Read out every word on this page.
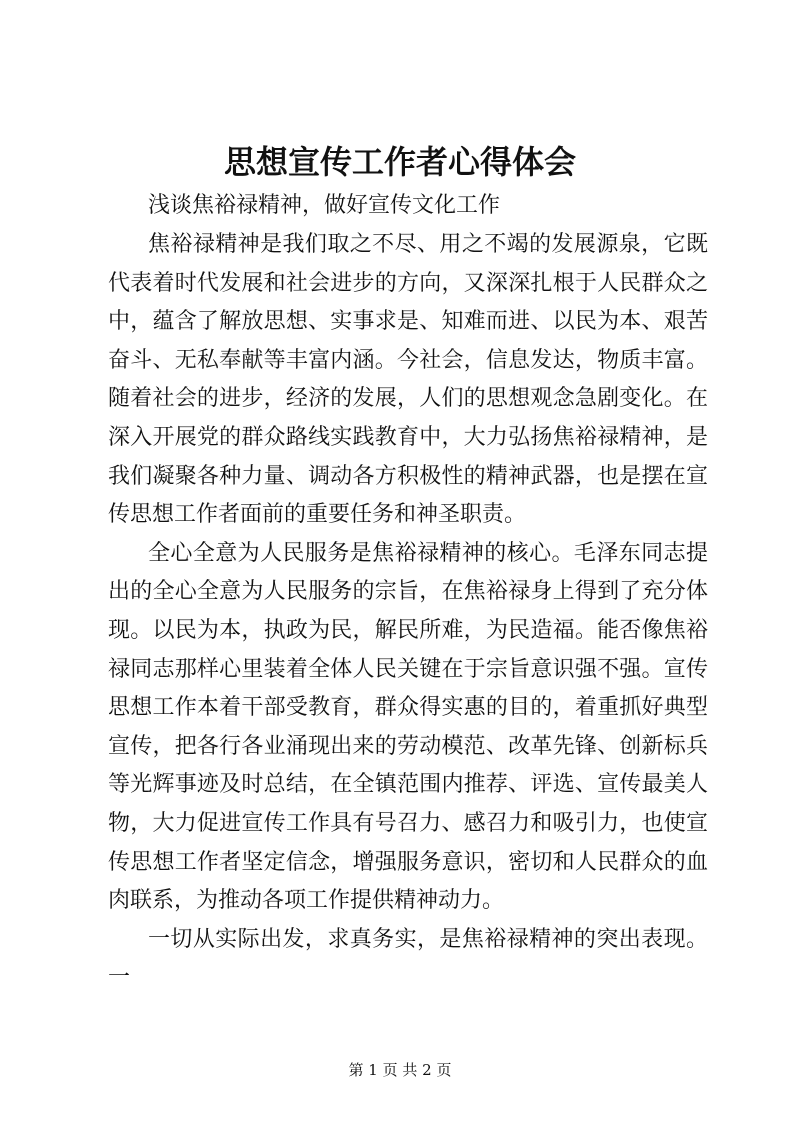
思想宣传工作者心得体会

浅谈焦裕禄精神，做好宣传文化工作

焦裕禄精神是我们取之不尽、用之不竭的发展源泉，它既代表着时代发展和社会进步的方向，又深深扎根于人民群众之中，蕴含了解放思想、实事求是、知难而进、以民为本、艰苦奋斗、无私奉献等丰富内涵。今社会，信息发达，物质丰富。随着社会的进步，经济的发展，人们的思想观念急剧变化。在深入开展党的群众路线实践教育中，大力弘扬焦裕禄精神，是我们凝聚各种力量、调动各方积极性的精神武器，也是摆在宣传思想工作者面前的重要任务和神圣职责。

全心全意为人民服务是焦裕禄精神的核心。毛泽东同志提出的全心全意为人民服务的宗旨，在焦裕禄身上得到了充分体现。以民为本，执政为民，解民所难，为民造福。能否像焦裕禄同志那样心里装着全体人民关键在于宗旨意识强不强。宣传思想工作本着干部受教育，群众得实惠的目的，着重抓好典型宣传，把各行各业涌现出来的劳动模范、改革先锋、创新标兵等光辉事迹及时总结，在全镇范围内推荐、评选、宣传最美人物，大力促进宣传工作具有号召力、感召力和吸引力，也使宣传思想工作者坚定信念，增强服务意识，密切和人民群众的血肉联系，为推动各项工作提供精神动力。

一切从实际出发，求真务实，是焦裕禄精神的突出表现。一

第 1 页 共 2 页
